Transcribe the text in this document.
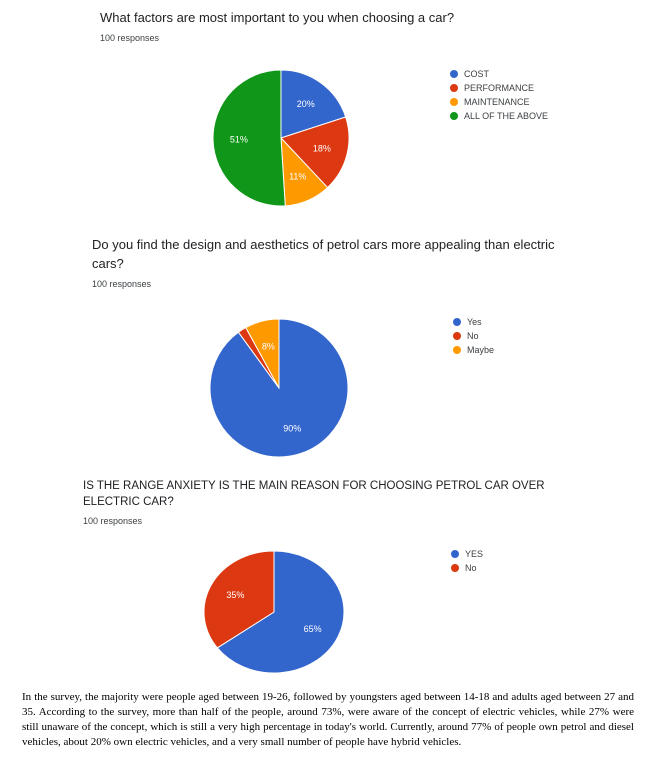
What factors are most important to you when choosing a car?
100 responses
20%
18%
11%
51%
COST
PERFORMANCE
MAINTENANCE
ALL OF THE ABOVE
Do you find the design and aesthetics of petrol cars more appealing than electric cars?
100 responses
90%
8%
Yes
No
Maybe
IS THE RANGE ANXIETY IS THE MAIN REASON FOR CHOOSING PETROL CAR OVER ELECTRIC CAR?
100 responses
65%
35%
YES
No
In the survey, the majority were people aged between 19-26, followed by youngsters aged between 14-18 and adults aged between 27 and 35. According to the survey, more than half of the people, around 73%, were aware of the concept of electric vehicles, while 27% were still unaware of the concept, which is still a very high percentage in today's world. Currently, around 77% of people own petrol and diesel vehicles, about 20% own electric vehicles, and a very small number of people have hybrid vehicles.
